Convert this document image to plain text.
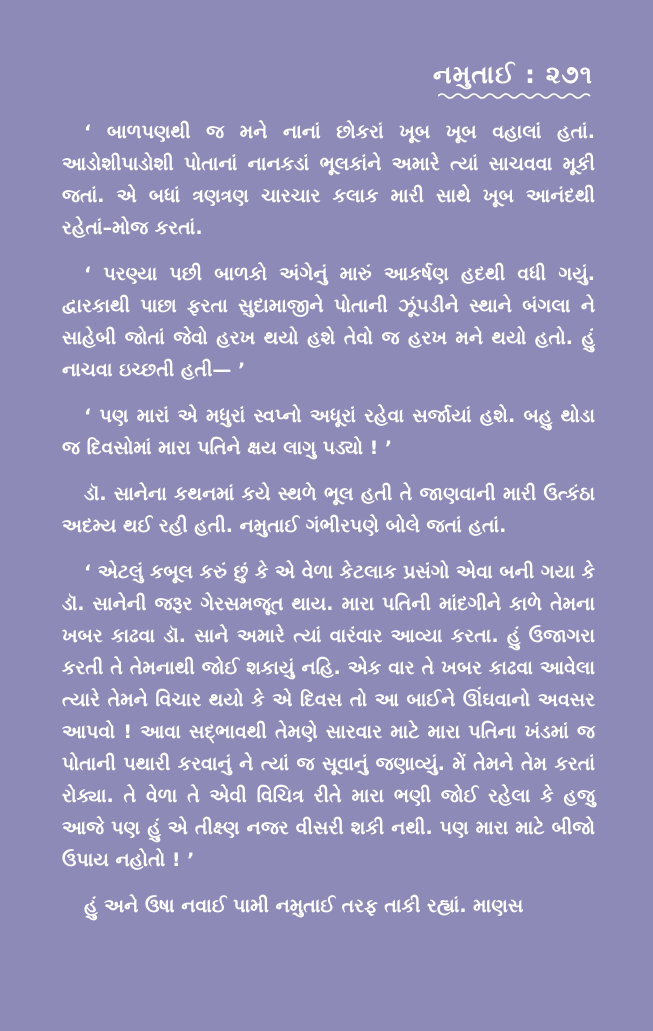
નમુતાઈ : ૨૭૧

‘ બાળપણથી જ મને નાનાં છોકરાં ખૂબ ખૂબ વહાલાં હતાં. આડોશીપાડોશી પોતાનાં નાનકડાં ભૂલકાંને અમારે ત્યાં સાચવવા મૂકી જતાં. એ બધાં ત્રણત્રણ ચારચાર કલાક મારી સાથે ખૂબ આનંદથી રહેતાં–મોજ કરતાં.

‘ પરણ્યા પછી બાળકો અંગેનું મારું આકર્ષણ હદથી વધી ગયું. દ્વારકાથી પાછા ફરતા સુદામાજીને પોતાની ઝૂંપડીને સ્થાને બંગલા ને સાહેબી જોતાં જેવો હરખ થયો હશે તેવો જ હરખ મને થયો હતો. હું નાચવા ઇચ્છતી હતી— ’

‘ પણ મારાં એ મધુરાં સ્વપ્નો અધૂરાં રહેવા સર્જાયાં હશે. બહુ થોડા જ દિવસોમાં મારા પતિને ક્ષય લાગુ પડ્યો ! ’

ડૉ. સાનેના કથનમાં કયે સ્થળે ભૂલ હતી તે જાણવાની મારી ઉત્કંઠા અદમ્ય થઈ રહી હતી. નમુતાઈ ગંભીરપણે બોલે જતાં હતાં.

‘ એટલું કબૂલ કરું છું કે એ વેળા કેટલાક પ્રસંગો એવા બની ગયા કે ડૉ. સાનેની જરૂર ગેરસમજૂત થાય. મારા પતિની માંદગીને કાળે તેમના ખબર કાઢવા ડૉ. સાને અમારે ત્યાં વારંવાર આવ્યા કરતા. હું ઉજાગરા કરતી તે તેમનાથી જોઈ શકાયું નહિ. એક વાર તે ખબર કાઢવા આવેલા ત્યારે તેમને વિચાર થયો કે એ દિવસ તો આ બાઈને ઊંઘવાનો અવસર આપવો ! આવા સદ્ભાવથી તેમણે સારવાર માટે મારા પતિના ખંડમાં જ પોતાની પથારી કરવાનું ને ત્યાં જ સૂવાનું જણાવ્યું. મેં તેમને તેમ કરતાં રોક્યા. તે વેળા તે એવી વિચિત્ર રીતે મારા ભણી જોઈ રહેલા કે હજુ આજે પણ હું એ તીક્ષ્ણ નજર વીસરી શકી નથી. પણ મારા માટે બીજો ઉપાય નહોતો ! ’

હું અને ઉષા નવાઈ પામી નમુતાઈ તરફ તાકી રહ્યાં. માણસ
